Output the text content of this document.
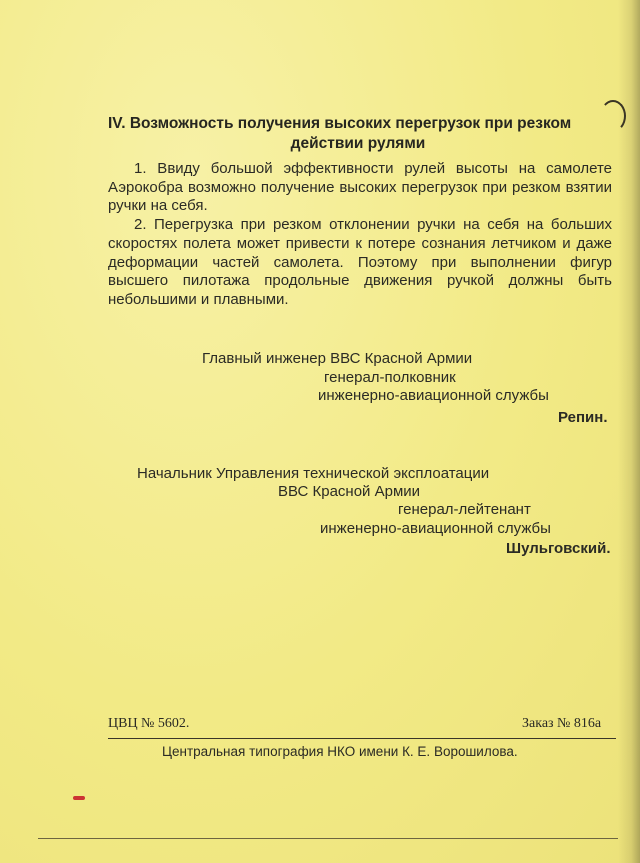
IV. Возможность получения высоких перегрузок при резком
действии рулями

1. Ввиду большой эффективности рулей высоты на самолете Аэрокобра возможно получение высоких перегрузок при резком взятии ручки на себя.

2. Перегрузка при резком отклонении ручки на себя на больших скоростях полета может привести к потере сознания летчиком и даже деформации частей самолета. Поэтому при выполнении фигур высшего пилотажа продольные движения ручкой должны быть небольшими и плавными.

Главный инженер ВВС Красной Армии
генерал-полковник
инженерно-авиационной службы
Репин.
Начальник Управления технической эксплоатации
ВВС Красной Армии
генерал-лейтенант
инженерно-авиационной службы
Шульговский.
ЦВЦ № 5602.	Заказ № 816а
Центральная типография НКО имени К. Е. Ворошилова.
